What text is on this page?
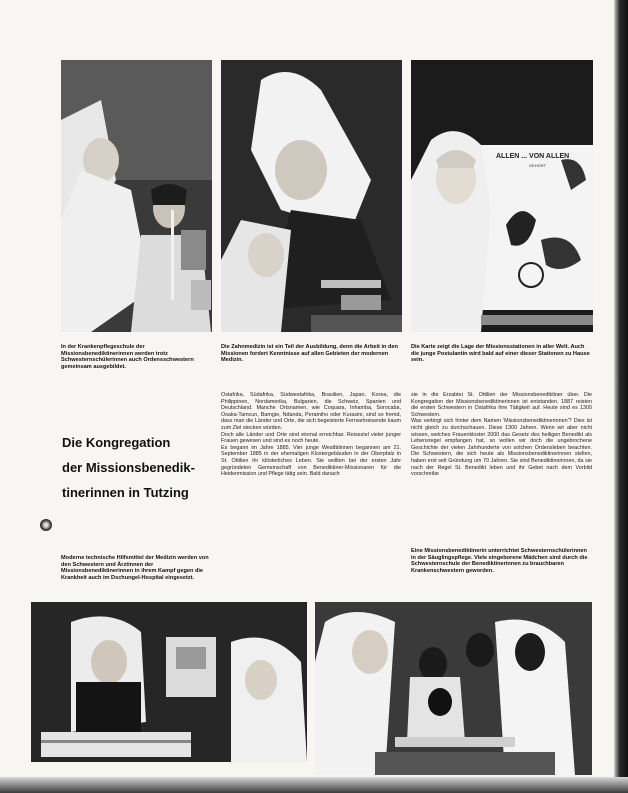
ALLEN ... VON ALLEN
GEHÖRT
In der Krankenpflegeschule der Missionsbenediktinerinnen werden trotz Schwesternschülerinnen auch Ordensschwestern gemeinsam ausgebildet.
Die Zahnmedizin ist ein Teil der Ausbildung, denn die Arbeit in den Missionen fordert Kenntnisse auf allen Gebieten der modernen Medizin.
Die Karte zeigt die Lage der Missionsstationen in aller Welt. Auch die junge Postulantin wird bald auf einer dieser Stationen zu Hause sein.
Die Kongregation
der Missionsbenedik-
tinerinnen in Tutzing

Ostafrika, Südafrika, Südwestafrika, Brasilien, Japan, Korea, die Philippinen, Nordamerika, Bulgarien, die Schweiz, Spanien und Deutschland. Manche Ortsnamen, wie Coquara, Inhamba, Sorocaba, Osaka-Tamcun, Bamgie, Ndanda, Peramiho oder Kurasini, sind so fremd, dass man die Länder und Orte, die sich begeisterte Fernsehreisende kaum zum Ziel stecken würden.

Doch alle Länder und Orte sind einmal erreichbar. Reiseziel vieler junger Frauen gewesen und sind es noch heute.

Es begann im Jahre 1885. Vier junge Westfälinnen begannen am 21. September 1885 in der ehemaligen Klostergebäuden in der Oberpfalz in St. Ottilien ihr klösterliches Leben. Sie wollten bei der ersten Jahr gegründeten Gemeinschaft von Benediktiner-Missionaren für die Heidenmission und Pflege tätig sein. Bald danach

sie in die Erzabtei St. Ottilien der Missionsbenediktiner über. Die Kongregation der Missionsbenediktinerinnen ist entstanden. 1887 reisten die ersten Schwestern in Ostafrika ihre Tätigkeit auf. Heute sind es 1300 Schwestern.

Was verbirgt sich hinter dem Namen 'Missionsbenediktinerinnen'? Dies ist nicht gleich zu durchschauen. Diese 1300 Jahren. Wenn wir aber nicht wissen, welches Frauenkloster 2000 das Gesetz des heiligen Benedikt als Lebensregel empfangen hat, so wollen wir doch die ungebrochene Geschichte der vielen Jahrhunderte von solchen Ordensleben beachten. Die Schwestern, die sich heute als Missionsbenediktinerinnen stellen, haben erst seit Gründung um 70 Jahren. Sie sind Benediktinerinnen, da sie nach der Regel St. Benedikt leben und ihr Gebet nach dem Vorbild vorschreibe

Moderne technische Hilfsmittel der Medizin werden von den Schwestern und Ärztinnen der Missionsbenediktinerinnen in ihrem Kampf gegen die Krankheit auch im Dschungel-Hospital eingesetzt.
Eine Missionsbenediktinerin unterrichtet Schwesternschülerinnen in der Säuglingspflege. Viele eingeborene Mädchen sind durch die Schwesternschule der Benediktinerinnen zu brauchbaren Krankenschwestern geworden.
